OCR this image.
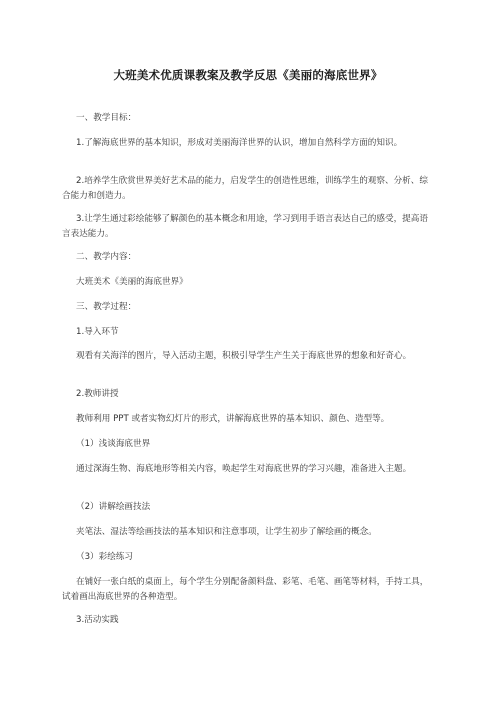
大班美术优质课教案及教学反思《美丽的海底世界》
一、教学目标：
1.了解海底世界的基本知识，形成对美丽海洋世界的认识，增加自然科学方面的知识。
2.培养学生欣赏世界美好艺术品的能力，启发学生的创造性思维，训练学生的观察、分析、综合能力和创造力。
3.让学生通过彩绘能够了解颜色的基本概念和用途，学习到用手语言表达自己的感受，提高语言表达能力。
二、教学内容：
大班美术《美丽的海底世界》
三、教学过程：
1.导入环节
观看有关海洋的图片，导入活动主题，积极引导学生产生关于海底世界的想象和好奇心。
2.教师讲授
教师利用 PPT 或者实物幻灯片的形式，讲解海底世界的基本知识、颜色、造型等。
（1）浅谈海底世界
通过深海生物、海底地形等相关内容，唤起学生对海底世界的学习兴趣，准备进入主题。
（2）讲解绘画技法
夹笔法、湿法等绘画技法的基本知识和注意事项，让学生初步了解绘画的概念。
（3）彩绘练习
在铺好一张白纸的桌面上，每个学生分别配备颜料盘、彩笔、毛笔、画笔等材料，手持工具，试着画出海底世界的各种造型。
3.活动实践
